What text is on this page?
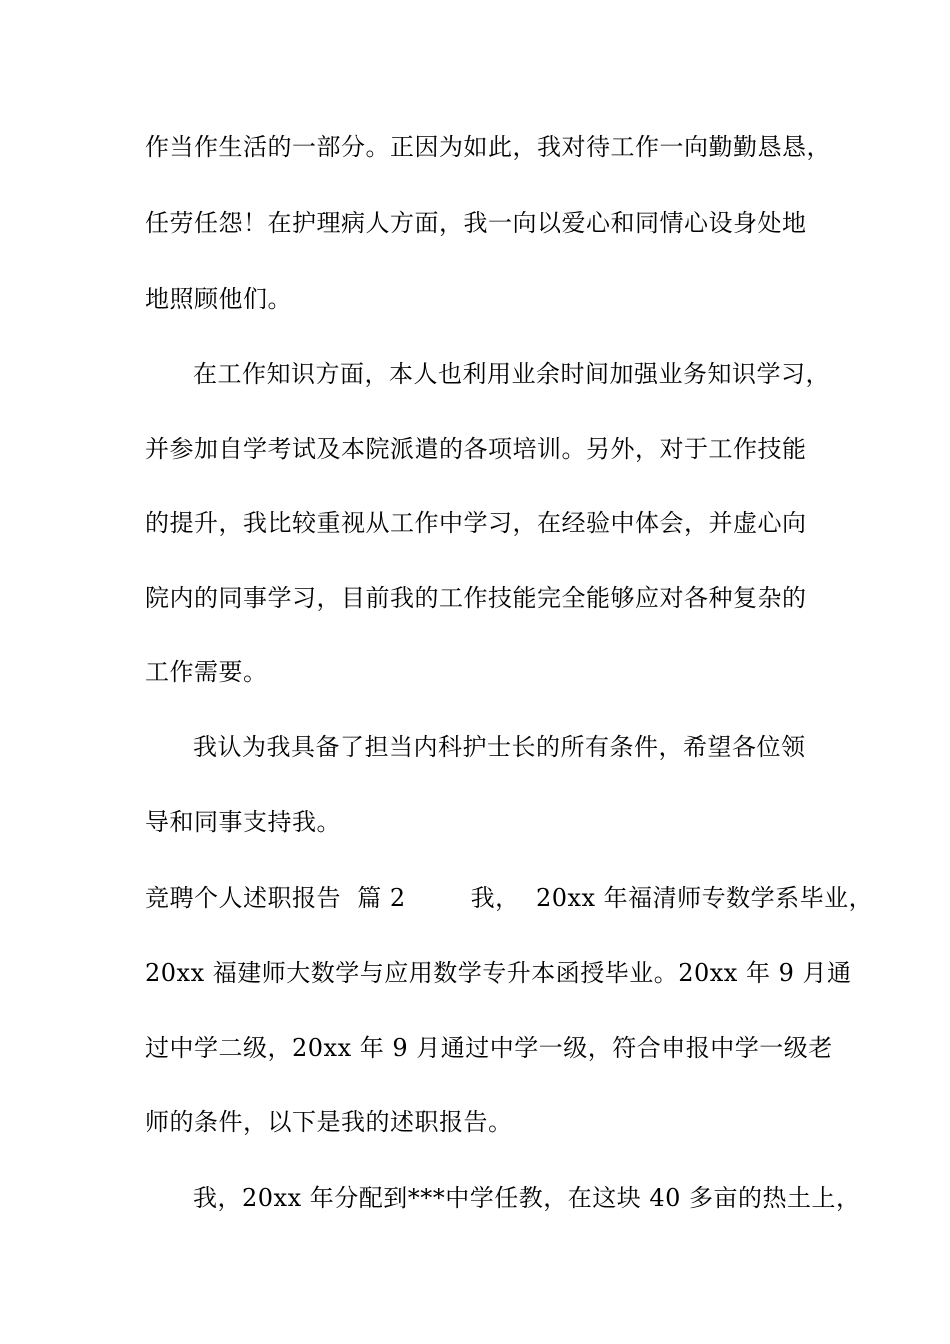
作当作生活的一部分。正因为如此，我对待工作一向勤勤恳恳，
任劳任怨！在护理病人方面，我一向以爱心和同情心设身处地
地照顾他们。
在工作知识方面，本人也利用业余时间加强业务知识学习，
并参加自学考试及本院派遣的各项培训。另外，对于工作技能
的提升，我比较重视从工作中学习，在经验中体会，并虚心向
院内的同事学习，目前我的工作技能完全能够应对各种复杂的
工作需要。
我认为我具备了担当内科护士长的所有条件，希望各位领
导和同事支持我。
竞聘个人述职报告  篇 2        我，  20xx 年福清师专数学系毕业，
20xx 福建师大数学与应用数学专升本函授毕业。20xx 年 9 月通
过中学二级，20xx 年 9 月通过中学一级，符合申报中学一级老
师的条件，以下是我的述职报告。
我，20xx 年分配到***中学任教，在这块 40 多亩的热土上，
